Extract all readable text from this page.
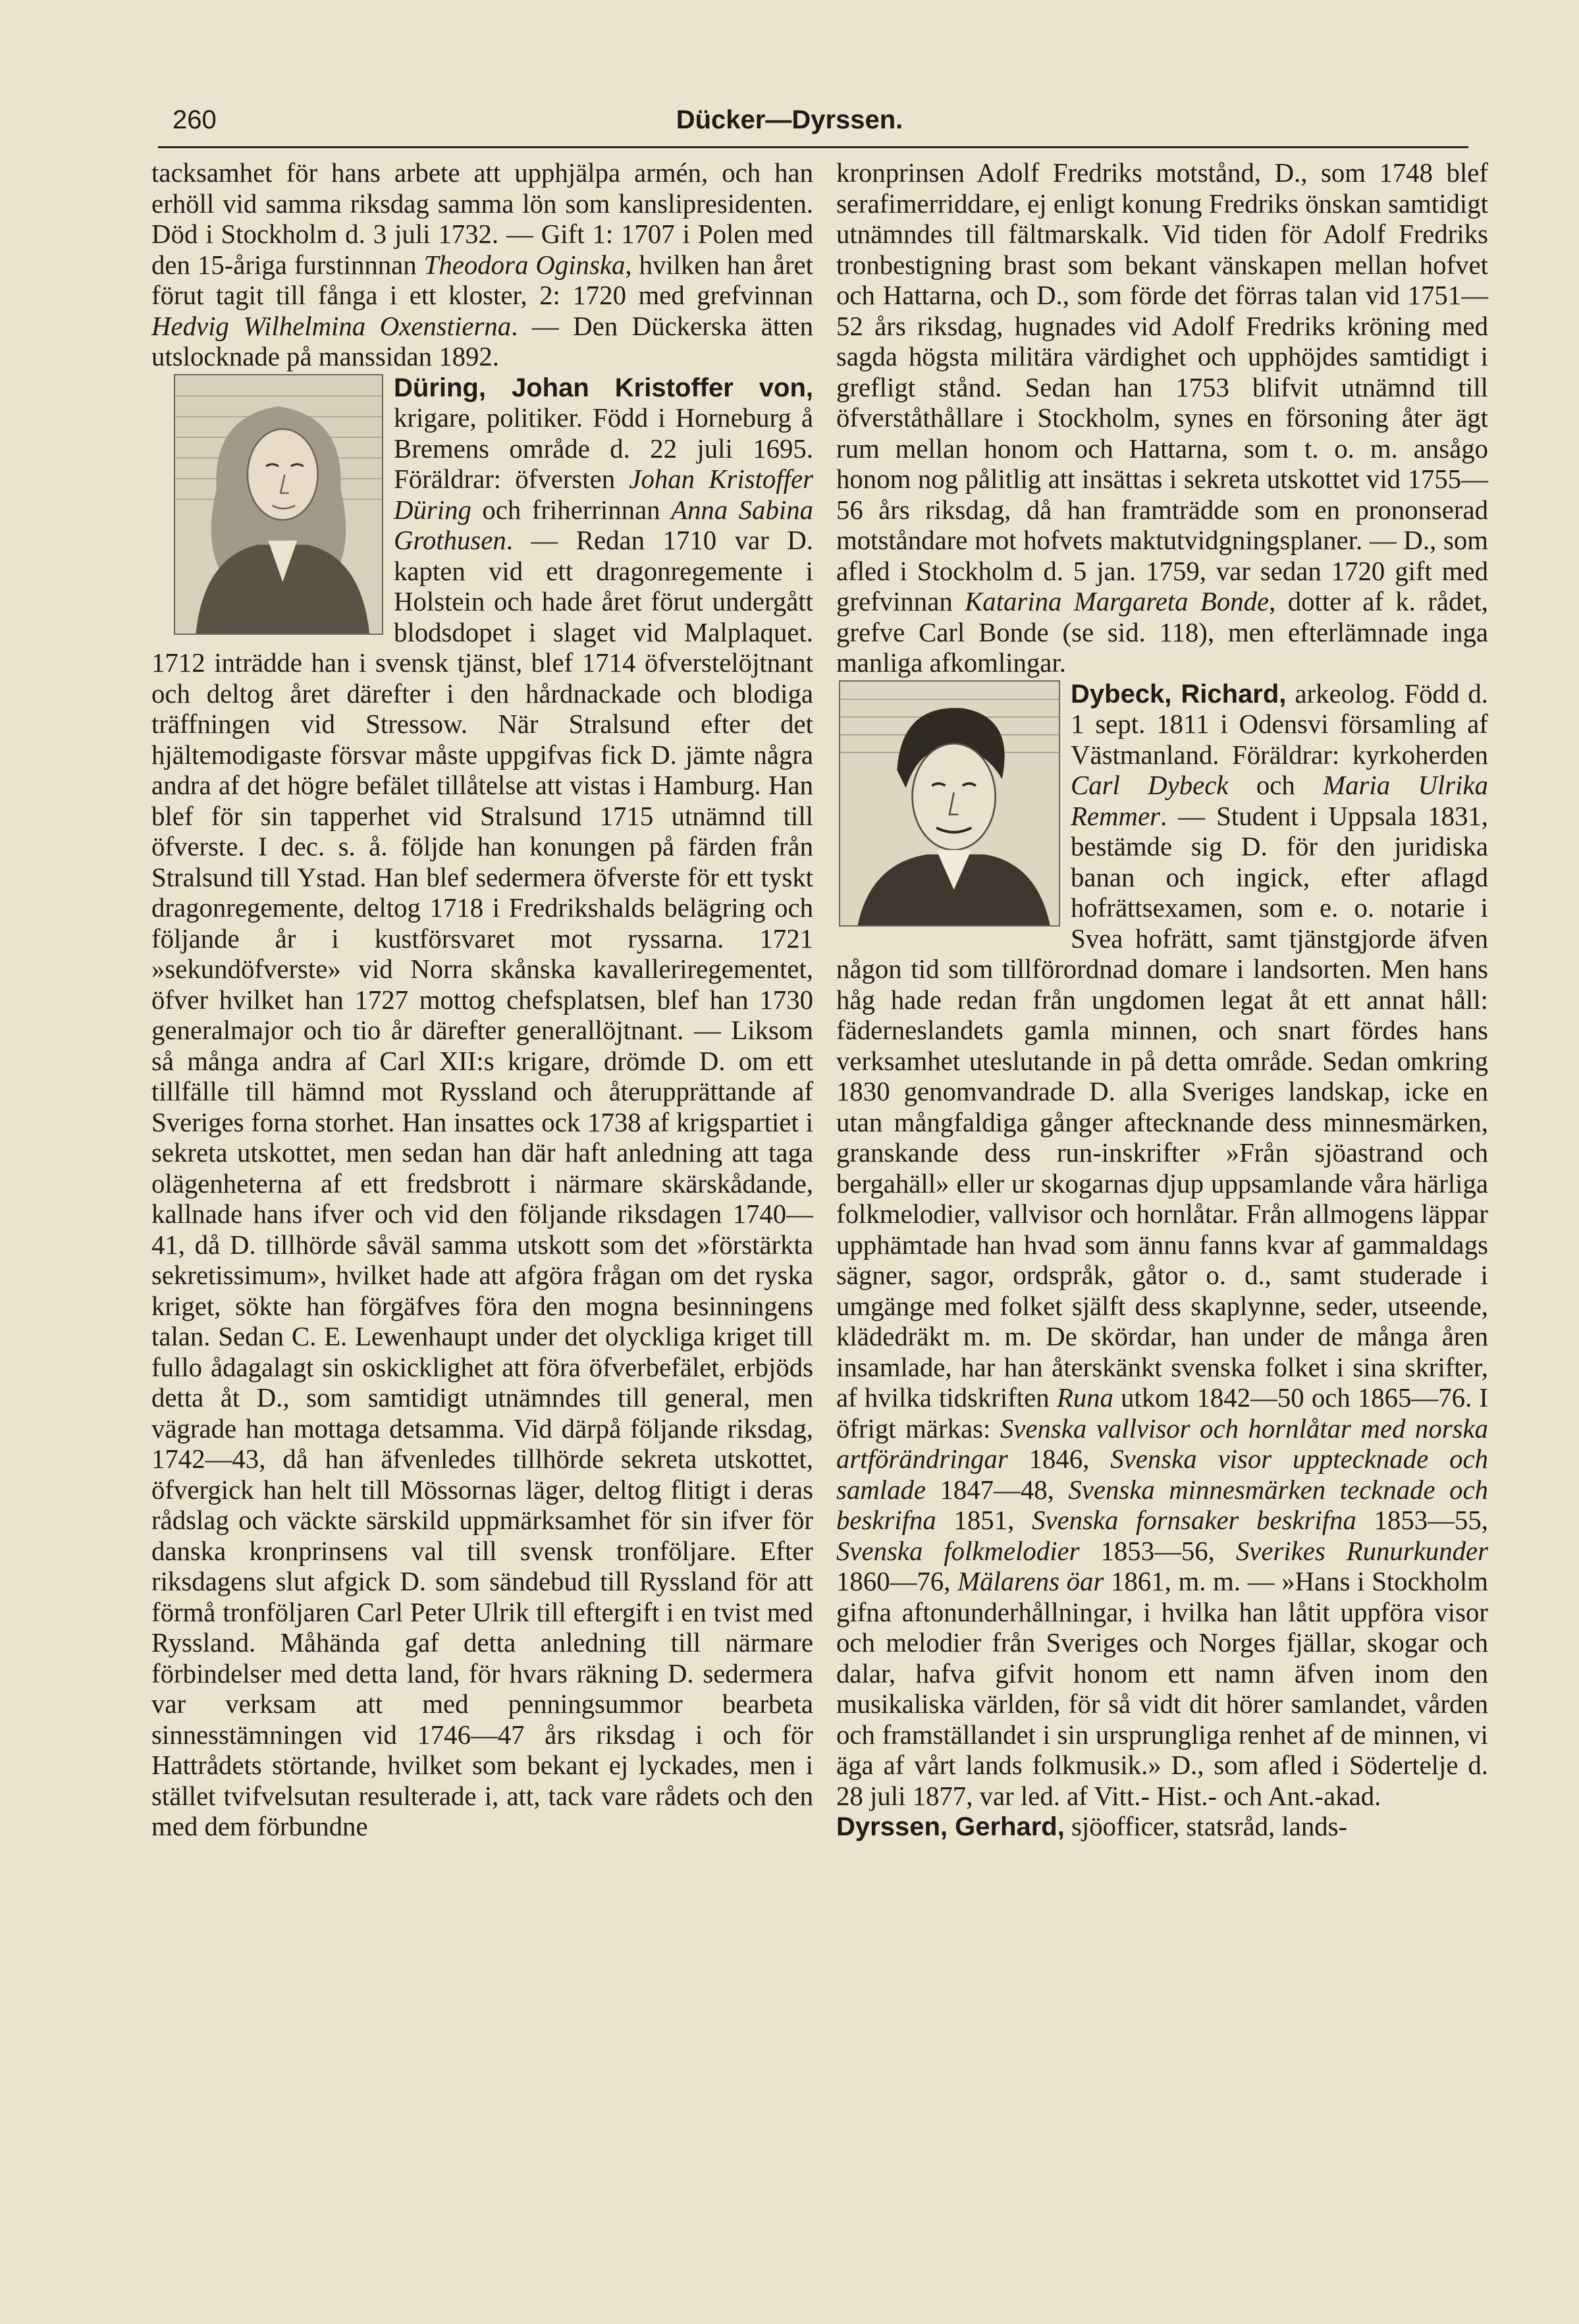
260	Dücker—Dyrssen.

tacksamhet för hans arbete att upphjälpa armén, och han erhöll vid samma riksdag samma lön som kanslipresidenten. Död i Stockholm d. 3 juli 1732. — Gift 1: 1707 i Polen med den 15-åriga furstinnnan Theodora Oginska, hvilken han året förut tagit till fånga i ett kloster, 2: 1720 med grefvinnan Hedvig Wilhelmina Oxenstierna. — Den Dückerska ätten utslocknade på manssidan 1892.

Düring, Johan Kristoffer von, krigare, politiker. Född i Horneburg å Bremens område d. 22 juli 1695. Föräldrar: öfversten Johan Kristoffer Düring och friherrinnan Anna Sabina Grothusen. — Redan 1710 var D. kapten vid ett dragonregemente i Holstein och hade året förut undergått blodsdopet i slaget vid Malplaquet. 1712 inträdde han i svensk tjänst, blef 1714 öfverstelöjtnant och deltog året därefter i den hårdnackade och blodiga träffningen vid Stressow. När Stralsund efter det hjältemodigaste försvar måste uppgifvas fick D. jämte några andra af det högre befälet tillåtelse att vistas i Hamburg. Han blef för sin tapperhet vid Stralsund 1715 utnämnd till öfverste. I dec. s. å. följde han konungen på färden från Stralsund till Ystad. Han blef sedermera öfverste för ett tyskt dragonregemente, deltog 1718 i Fredrikshalds belägring och följande år i kustförsvaret mot ryssarna. 1721 »sekundöfverste» vid Norra skånska kavalleriregementet, öfver hvilket han 1727 mottog chefsplatsen, blef han 1730 generalmajor och tio år därefter generallöjtnant. — Liksom så många andra af Carl XII:s krigare, drömde D. om ett tillfälle till hämnd mot Ryssland och återupprättande af Sveriges forna storhet. Han insattes ock 1738 af krigspartiet i sekreta utskottet, men sedan han där haft anledning att taga olägenheterna af ett fredsbrott i närmare skärskådande, kallnade hans ifver och vid den följande riksdagen 1740—41, då D. tillhörde såväl samma utskott som det »förstärkta sekretissimum», hvilket hade att afgöra frågan om det ryska kriget, sökte han förgäfves föra den mogna besinningens talan. Sedan C. E. Lewenhaupt under det olyckliga kriget till fullo ådagalagt sin oskicklighet att föra öfverbefälet, erbjöds detta åt D., som samtidigt utnämndes till general, men vägrade han mottaga detsamma. Vid därpå följande riksdag, 1742—43, då han äfvenledes tillhörde sekreta utskottet, öfvergick han helt till Mössornas läger, deltog flitigt i deras rådslag och väckte särskild uppmärksamhet för sin ifver för danska kronprinsens val till svensk tronföljare. Efter riksdagens slut afgick D. som sändebud till Ryssland för att förmå tronföljaren Carl Peter Ulrik till eftergift i en tvist med Ryssland. Måhända gaf detta anledning till närmare förbindelser med detta land, för hvars räkning D. sedermera var verksam att med penningsummor bearbeta sinnesstämningen vid 1746—47 års riksdag i och för Hattrådets störtande, hvilket som bekant ej lyckades, men i stället tvifvelsutan resulterade i, att, tack vare rådets och den med dem förbundne

kronprinsen Adolf Fredriks motstånd, D., som 1748 blef serafimerriddare, ej enligt konung Fredriks önskan samtidigt utnämndes till fältmarskalk. Vid tiden för Adolf Fredriks tronbestigning brast som bekant vänskapen mellan hofvet och Hattarna, och D., som förde det förras talan vid 1751—52 års riksdag, hugnades vid Adolf Fredriks kröning med sagda högsta militära värdighet och upphöjdes samtidigt i grefligt stånd. Sedan han 1753 blifvit utnämnd till öfverståthållare i Stockholm, synes en försoning åter ägt rum mellan honom och Hattarna, som t. o. m. ansågo honom nog pålitlig att insättas i sekreta utskottet vid 1755—56 års riksdag, då han framträdde som en prononserad motståndare mot hofvets maktutvidgningsplaner. — D., som afled i Stockholm d. 5 jan. 1759, var sedan 1720 gift med grefvinnan Katarina Margareta Bonde, dotter af k. rådet, grefve Carl Bonde (se sid. 118), men efterlämnade inga manliga afkomlingar.

Dybeck, Richard, arkeolog. Född d. 1 sept. 1811 i Odensvi församling af Västmanland. Föräldrar: kyrkoherden Carl Dybeck och Maria Ulrika Remmer. — Student i Uppsala 1831, bestämde sig D. för den juridiska banan och ingick, efter aflagd hofrättsexamen, som e. o. notarie i Svea hofrätt, samt tjänstgjorde äfven någon tid som tillförordnad domare i landsorten. Men hans håg hade redan från ungdomen legat åt ett annat håll: fäderneslandets gamla minnen, och snart fördes hans verksamhet uteslutande in på detta område. Sedan omkring 1830 genomvandrade D. alla Sveriges landskap, icke en utan mångfaldiga gånger aftecknande dess minnesmärken, granskande dess run-inskrifter »Från sjöastrand och bergahäll» eller ur skogarnas djup uppsamlande våra härliga folkmelodier, vallvisor och hornlåtar. Från allmogens läppar upphämtade han hvad som ännu fanns kvar af gammaldags sägner, sagor, ordspråk, gåtor o. d., samt studerade i umgänge med folket själft dess skaplynne, seder, utseende, klädedräkt m. m. De skördar, han under de många åren insamlade, har han återskänkt svenska folket i sina skrifter, af hvilka tidskriften Runa utkom 1842—50 och 1865—76. I öfrigt märkas: Svenska vallvisor och hornlåtar med norska artförändringar 1846, Svenska visor upptecknade och samlade 1847—48, Svenska minnesmärken tecknade och beskrifna 1851, Svenska fornsaker beskrifna 1853—55, Svenska folkmelodier 1853—56, Sverikes Runurkunder 1860—76, Mälarens öar 1861, m. m. — »Hans i Stockholm gifna aftonunderhållningar, i hvilka han låtit uppföra visor och melodier från Sveriges och Norges fjällar, skogar och dalar, hafva gifvit honom ett namn äfven inom den musikaliska världen, för så vidt dit hörer samlandet, vården och framställandet i sin ursprungliga renhet af de minnen, vi äga af vårt lands folkmusik.» D., som afled i Södertelje d. 28 juli 1877, var led. af Vitt.- Hist.- och Ant.-akad.

Dyrssen, Gerhard, sjöofficer, statsråd, lands-
